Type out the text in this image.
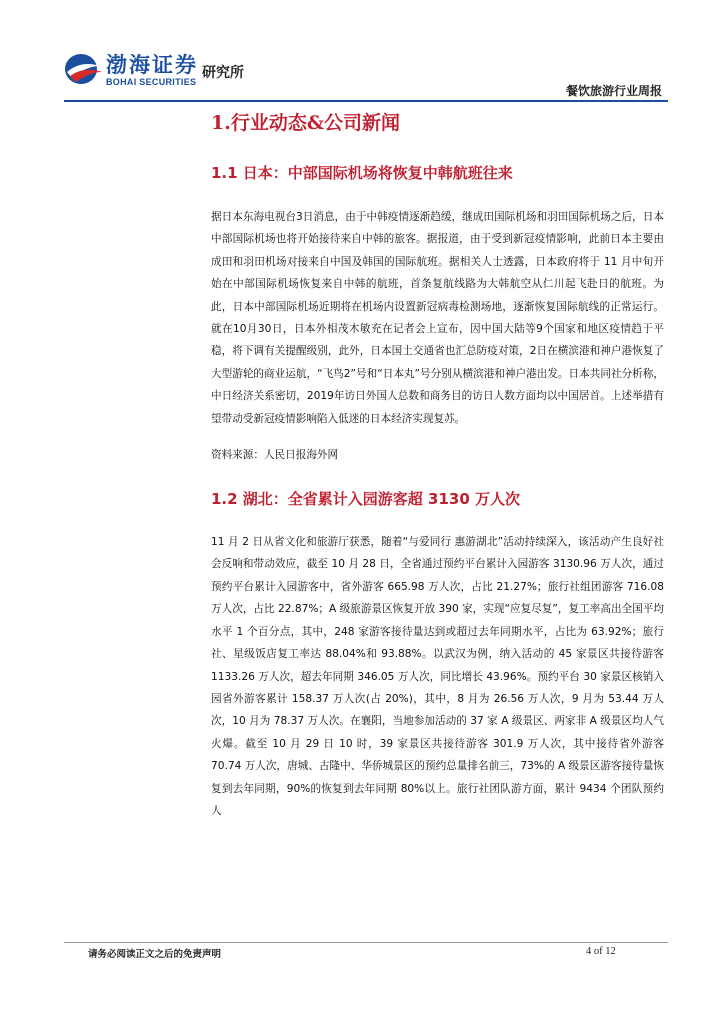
渤海证券
BOHAI SECURITIES
研究所
餐饮旅游行业周报
1.行业动态&公司新闻
1.1 日本：中部国际机场将恢复中韩航班往来

据日本东海电视台3日消息，由于中韩疫情逐渐趋缓，继成田国际机场和羽田国际机场之后，日本中部国际机场也将开始接待来自中韩的旅客。据报道，由于受到新冠疫情影响，此前日本主要由成田和羽田机场对接来自中国及韩国的国际航班。据相关人士透露，日本政府将于 11 月中旬开始在中部国际机场恢复来自中韩的航班，首条复航线路为大韩航空从仁川起飞赴日的航班。为此，日本中部国际机场近期将在机场内设置新冠病毒检测场地，逐渐恢复国际航线的正常运行。就在10月30日，日本外相茂木敏充在记者会上宣布，因中国大陆等9个国家和地区疫情趋于平稳，将下调有关提醒级别，此外，日本国土交通省也汇总防疫对策，2日在横滨港和神户港恢复了大型游轮的商业运航，“飞鸟2”号和“日本丸”号分别从横滨港和神户港出发。日本共同社分析称，中日经济关系密切，2019年访日外国人总数和商务目的访日人数方面均以中国居首。上述举措有望带动受新冠疫情影响陷入低迷的日本经济实现复苏。

资料来源：人民日报海外网
1.2 湖北：全省累计入园游客超 3130 万人次

11 月 2 日从省文化和旅游厅获悉，随着“与爱同行 惠游湖北”活动持续深入，该活动产生良好社会反响和带动效应，截至 10 月 28 日，全省通过预约平台累计入园游客 3130.96 万人次，通过预约平台累计入园游客中，省外游客 665.98 万人次，占比 21.27%；旅行社组团游客 716.08 万人次，占比 22.87%；A 级旅游景区恢复开放 390 家，实现“应复尽复”，复工率高出全国平均水平 1 个百分点，其中，248 家游客接待量达到或超过去年同期水平，占比为 63.92%；旅行社、星级饭店复工率达 88.04%和 93.88%。以武汉为例，纳入活动的 45 家景区共接待游客 1133.26 万人次，超去年同期 346.05 万人次，同比增长 43.96%。预约平台 30 家景区核销入园省外游客累计 158.37 万人次(占 20%)，其中，8 月为 26.56 万人次，9 月为 53.44 万人次，10 月为 78.37 万人次。在襄阳，当地参加活动的 37 家 A 级景区、两家非 A 级景区均人气火爆。截至 10 月 29 日 10 时，39 家景区共接待游客 301.9 万人次，其中接待省外游客 70.74 万人次，唐城、古隆中、华侨城景区的预约总量排名前三，73%的 A 级景区游客接待量恢复到去年同期，90%的恢复到去年同期 80%以上。旅行社团队游方面，累计 9434 个团队预约人

请务必阅读正文之后的免责声明	4 of 12
